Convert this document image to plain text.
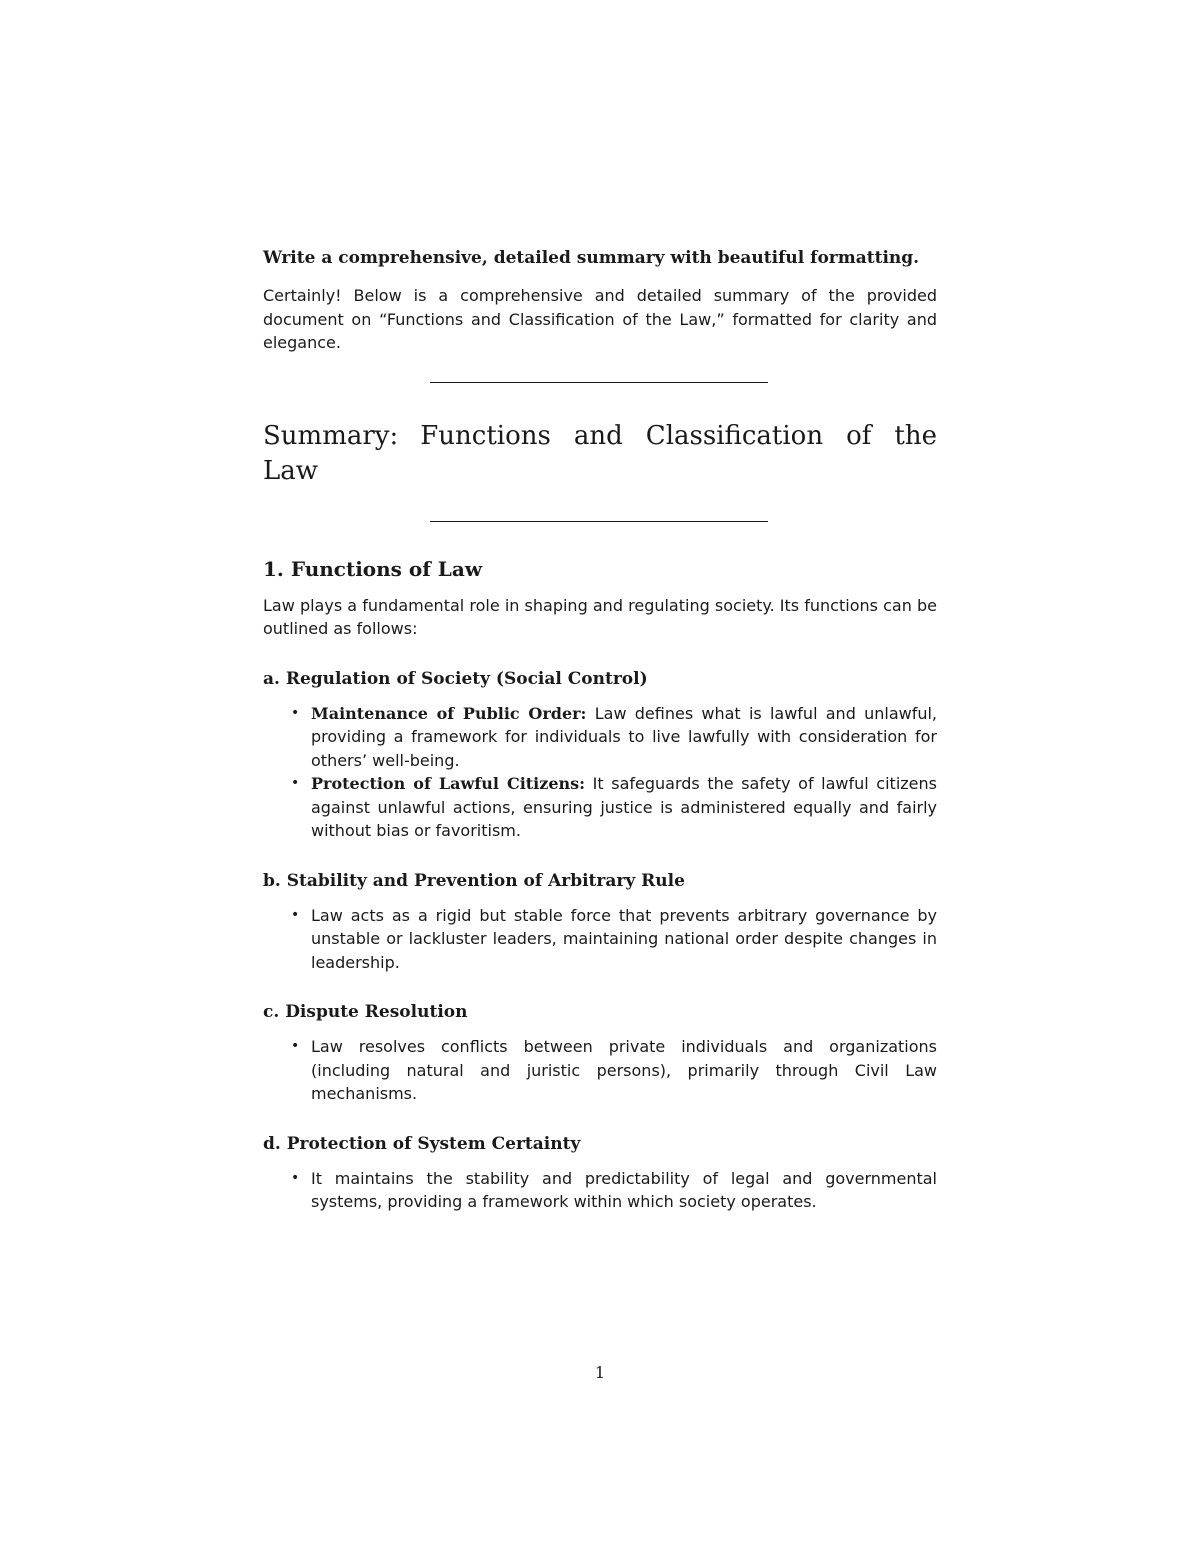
Write a comprehensive, detailed summary with beautiful formatting.

Certainly! Below is a comprehensive and detailed summary of the provided document on “Functions and Classification of the Law,” formatted for clarity and elegance.

Summary: Functions and Classification of the Law
1. Functions of Law

Law plays a fundamental role in shaping and regulating society. Its functions can be outlined as follows:

a. Regulation of Society (Social Control)
• Maintenance of Public Order: Law defines what is lawful and unlawful, providing a framework for individuals to live lawfully with consideration for others’ well-being.
• Protection of Lawful Citizens: It safeguards the safety of lawful citizens against unlawful actions, ensuring justice is administered equally and fairly without bias or favoritism.
b. Stability and Prevention of Arbitrary Rule
• Law acts as a rigid but stable force that prevents arbitrary governance by unstable or lackluster leaders, maintaining national order despite changes in leadership.
c. Dispute Resolution
• Law resolves conflicts between private individuals and organizations (including natural and juristic persons), primarily through Civil Law mechanisms.
d. Protection of System Certainty
• It maintains the stability and predictability of legal and governmental systems, providing a framework within which society operates.
1
